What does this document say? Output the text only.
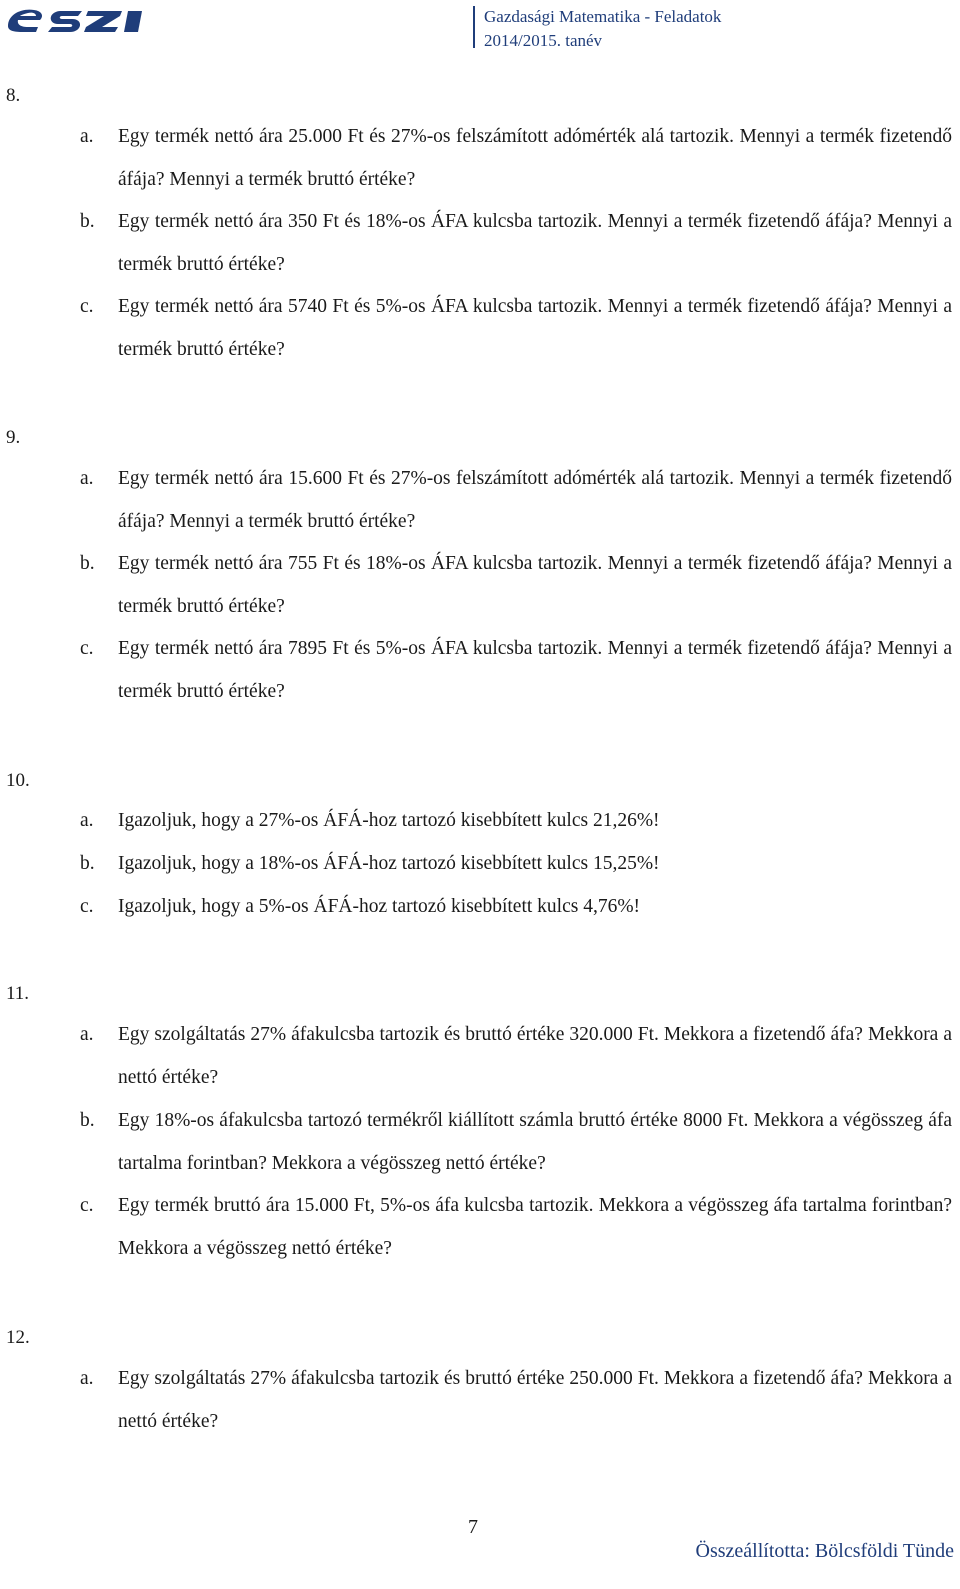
Gazdasági Matematika - Feladatok
2014/2015. tanév
8.
a.	Egy termék nettó ára 25.000 Ft és 27%-os felszámított adómérték alá tartozik. Mennyi a termék fizetendő áfája? Mennyi a termék bruttó értéke?
b.	Egy termék nettó ára 350 Ft és 18%-os ÁFA kulcsba tartozik. Mennyi a termék fizetendő áfája? Mennyi a termék bruttó értéke?
c.	Egy termék nettó ára 5740 Ft és 5%-os ÁFA kulcsba tartozik. Mennyi a termék fizetendő áfája? Mennyi a termék bruttó értéke?
9.
a.	Egy termék nettó ára 15.600 Ft és 27%-os felszámított adómérték alá tartozik. Mennyi a termék fizetendő áfája? Mennyi a termék bruttó értéke?
b.	Egy termék nettó ára 755 Ft és 18%-os ÁFA kulcsba tartozik. Mennyi a termék fizetendő áfája? Mennyi a termék bruttó értéke?
c.	Egy termék nettó ára 7895 Ft és 5%-os ÁFA kulcsba tartozik. Mennyi a termék fizetendő áfája? Mennyi a termék bruttó értéke?
10.
a.	Igazoljuk, hogy a 27%-os ÁFÁ-hoz tartozó kisebbített kulcs 21,26%!
b.	Igazoljuk, hogy a 18%-os ÁFÁ-hoz tartozó kisebbített kulcs 15,25%!
c.	Igazoljuk, hogy a 5%-os ÁFÁ-hoz tartozó kisebbített kulcs 4,76%!
11.
a.	Egy szolgáltatás 27% áfakulcsba tartozik és bruttó értéke 320.000 Ft. Mekkora a fizetendő áfa? Mekkora a nettó értéke?
b.	Egy 18%-os áfakulcsba tartozó termékről kiállított számla bruttó értéke 8000 Ft. Mekkora a végösszeg áfa tartalma forintban? Mekkora a végösszeg nettó értéke?
c.	Egy termék bruttó ára 15.000 Ft, 5%-os áfa kulcsba tartozik. Mekkora a végösszeg áfa tartalma forintban? Mekkora a végösszeg nettó értéke?
12.
a.	Egy szolgáltatás 27% áfakulcsba tartozik és bruttó értéke 250.000 Ft. Mekkora a fizetendő áfa? Mekkora a nettó értéke?
7
Összeállította: Bölcsföldi Tünde
